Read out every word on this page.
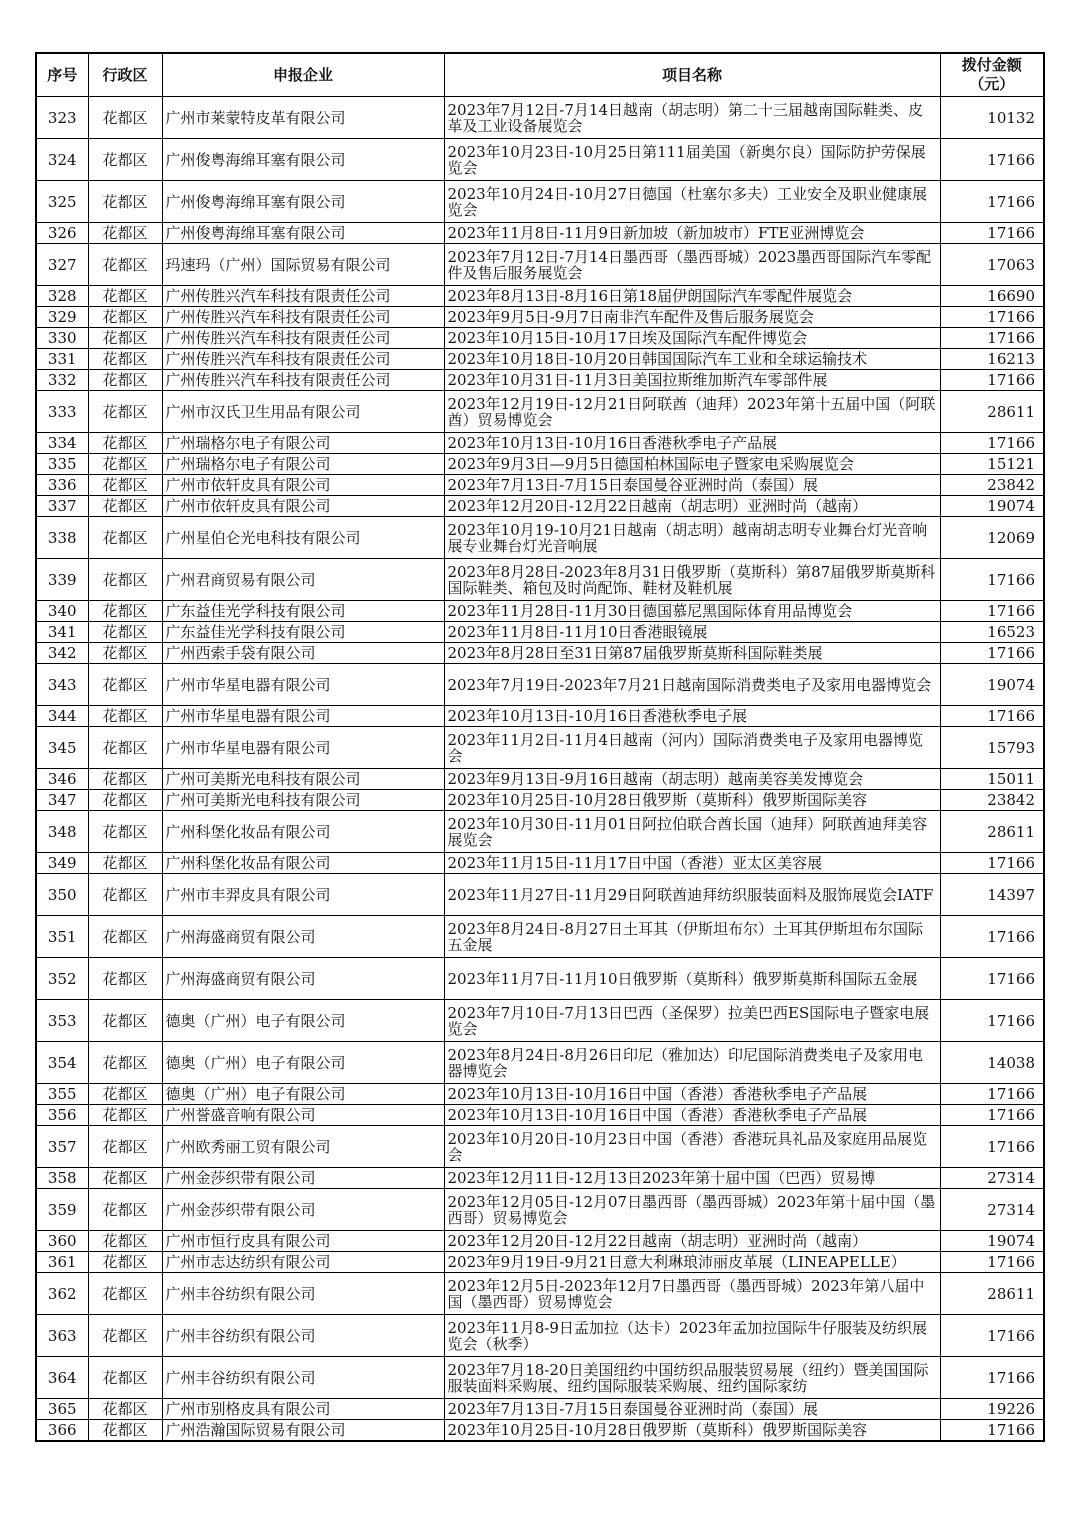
序号	行政区	申报企业	项目名称	拨付金额（元）
323	花都区	广州市莱蒙特皮革有限公司	2023年7月12日-7月14日越南（胡志明）第二十三届越南国际鞋类、皮革及工业设备展览会	10132
324	花都区	广州俊粤海绵耳塞有限公司	2023年10月23日-10月25日第111届美国（新奥尔良）国际防护劳保展览会	17166
325	花都区	广州俊粤海绵耳塞有限公司	2023年10月24日-10月27日德国（杜塞尔多夫）工业安全及职业健康展览会	17166
326	花都区	广州俊粤海绵耳塞有限公司	2023年11月8日-11月9日新加坡（新加坡市）FTE亚洲博览会	17166
327	花都区	玛速玛（广州）国际贸易有限公司	2023年7月12日-7月14日墨西哥（墨西哥城）2023墨西哥国际汽车零配件及售后服务展览会	17063
328	花都区	广州传胜兴汽车科技有限责任公司	2023年8月13日-8月16日第18届伊朗国际汽车零配件展览会	16690
329	花都区	广州传胜兴汽车科技有限责任公司	2023年9月5日-9月7日南非汽车配件及售后服务展览会	17166
330	花都区	广州传胜兴汽车科技有限责任公司	2023年10月15日-10月17日埃及国际汽车配件博览会	17166
331	花都区	广州传胜兴汽车科技有限责任公司	2023年10月18日-10月20日韩国国际汽车工业和全球运输技术	16213
332	花都区	广州传胜兴汽车科技有限责任公司	2023年10月31日-11月3日美国拉斯维加斯汽车零部件展	17166
333	花都区	广州市汉氏卫生用品有限公司	2023年12月19日-12月21日阿联酋（迪拜）2023年第十五届中国（阿联酋）贸易博览会	28611
334	花都区	广州瑞格尔电子有限公司	2023年10月13日-10月16日香港秋季电子产品展	17166
335	花都区	广州瑞格尔电子有限公司	2023年9月3日—9月5日德国柏林国际电子暨家电采购展览会	15121
336	花都区	广州市依轩皮具有限公司	2023年7月13日-7月15日泰国曼谷亚洲时尚（泰国）展	23842
337	花都区	广州市依轩皮具有限公司	2023年12月20日-12月22日越南（胡志明）亚洲时尚（越南）	19074
338	花都区	广州星伯仑光电科技有限公司	2023年10月19-10月21日越南（胡志明）越南胡志明专业舞台灯光音响展专业舞台灯光音响展	12069
339	花都区	广州君商贸易有限公司	2023年8月28日-2023年8月31日俄罗斯（莫斯科）第87届俄罗斯莫斯科国际鞋类、箱包及时尚配饰、鞋材及鞋机展	17166
340	花都区	广东益佳光学科技有限公司	2023年11月28日-11月30日德国慕尼黑国际体育用品博览会	17166
341	花都区	广东益佳光学科技有限公司	2023年11月8日-11月10日香港眼镜展	16523
342	花都区	广州西索手袋有限公司	2023年8月28日至31日第87届俄罗斯莫斯科国际鞋类展	17166
343	花都区	广州市华星电器有限公司	2023年7月19日-2023年7月21日越南国际消费类电子及家用电器博览会	19074
344	花都区	广州市华星电器有限公司	2023年10月13日-10月16日香港秋季电子展	17166
345	花都区	广州市华星电器有限公司	2023年11月2日-11月4日越南（河内）国际消费类电子及家用电器博览会	15793
346	花都区	广州可美斯光电科技有限公司	2023年9月13日-9月16日越南（胡志明）越南美容美发博览会	15011
347	花都区	广州可美斯光电科技有限公司	2023年10月25日-10月28日俄罗斯（莫斯科）俄罗斯国际美容	23842
348	花都区	广州科堡化妆品有限公司	2023年10月30日-11月01日阿拉伯联合酋长国（迪拜）阿联酋迪拜美容展览会	28611
349	花都区	广州科堡化妆品有限公司	2023年11月15日-11月17日中国（香港）亚太区美容展	17166
350	花都区	广州市丰羿皮具有限公司	2023年11月27日-11月29日阿联酋迪拜纺织服装面料及服饰展览会IATF	14397
351	花都区	广州海盛商贸有限公司	2023年8月24日-8月27日土耳其（伊斯坦布尔）土耳其伊斯坦布尔国际五金展	17166
352	花都区	广州海盛商贸有限公司	2023年11月7日-11月10日俄罗斯（莫斯科）俄罗斯莫斯科国际五金展	17166
353	花都区	德奥（广州）电子有限公司	2023年7月10日-7月13日巴西（圣保罗）拉美巴西ES国际电子暨家电展览会	17166
354	花都区	德奥（广州）电子有限公司	2023年8月24日-8月26日印尼（雅加达）印尼国际消费类电子及家用电器博览会	14038
355	花都区	德奥（广州）电子有限公司	2023年10月13日-10月16日中国（香港）香港秋季电子产品展	17166
356	花都区	广州誉盛音响有限公司	2023年10月13日-10月16日中国（香港）香港秋季电子产品展	17166
357	花都区	广州欧秀丽工贸有限公司	2023年10月20日-10月23日中国（香港）香港玩具礼品及家庭用品展览会	17166
358	花都区	广州金莎织带有限公司	2023年12月11日-12月13日2023年第十届中国（巴西）贸易博	27314
359	花都区	广州金莎织带有限公司	2023年12月05日-12月07日墨西哥（墨西哥城）2023年第十届中国（墨西哥）贸易博览会	27314
360	花都区	广州市恒行皮具有限公司	2023年12月20日-12月22日越南（胡志明）亚洲时尚（越南）	19074
361	花都区	广州市志达纺织有限公司	2023年9月19日-9月21日意大利琳琅沛丽皮革展（LINEAPELLE）	17166
362	花都区	广州丰谷纺织有限公司	2023年12月5日-2023年12月7日墨西哥（墨西哥城）2023年第八届中国（墨西哥）贸易博览会	28611
363	花都区	广州丰谷纺织有限公司	2023年11月8-9日孟加拉（达卡）2023年孟加拉国际牛仔服装及纺织展览会（秋季）	17166
364	花都区	广州丰谷纺织有限公司	2023年7月18-20日美国纽约中国纺织品服装贸易展（纽约）暨美国国际服装面料采购展、纽约国际服装采购展、纽约国际家纺	17166
365	花都区	广州市别格皮具有限公司	2023年7月13日-7月15日泰国曼谷亚洲时尚（泰国）展	19226
366	花都区	广州浩瀚国际贸易有限公司	2023年10月25日-10月28日俄罗斯（莫斯科）俄罗斯国际美容	17166
